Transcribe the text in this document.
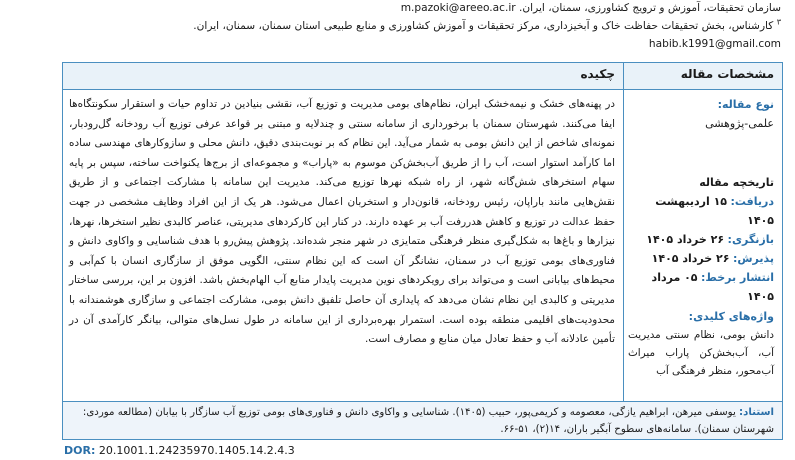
سازمان تحقیقات، آموزش و ترویج کشاورزی، سمنان، ایران. m.pazoki@areeo.ac.ir
$^۳$ کارشناس، بخش تحقیقات حفاظت خاک و آبخیزداری، مرکز تحقیقات و آموزش کشاورزی و منابع طبیعی استان سمنان، سمنان، ایران.
habib.k1991@gmail.com
مشخصات مقاله
چکیده
نوع مقاله:
علمی-پژوهشی
تاریخچه مقاله
دریافت: ۱۵ اردیبهشت ۱۴۰۵
بازنگری: ۲۶ خرداد ۱۴۰۵
پذیرش: ۲۶ خرداد ۱۴۰۵
انتشار برخط: ۰۵ مرداد ۱۴۰۵
واژه‌های کلیدی:
دانش بومی، نظام سنتی مدیریت آب، آب‌بخش‌کن پاراب میراث آب‌محور، منظر فرهنگی آب
در پهنه‌های خشک و نیمه‌خشک ایران، نظام‌های بومی مدیریت و توزیع آب، نقشی بنیادین در تداوم حیات و استقرار سکونتگاه‌ها ایفا می‌کنند. شهرستان سمنان با برخورداری از سامانه سنتی و چندلایه و مبتنی بر قواعد عرفی توزیع آب رودخانه گل‌رودبار، نمونه‌ای شاخص از این دانش بومی به شمار می‌آید. این نظام که بر نوبت‌بندی دقیق، دانش محلی و سازوکارهای مهندسی ساده اما کارآمد استوار است، آب را از طریق آب‌بخش‌کن موسوم به «پاراب» و مجموعه‌ای از برج‌ها یکنواخت ساخته، سپس بر پایه سهام استخرهای شش‌گانه شهر، از راه شبکه نهرها توزیع می‌کند. مدیریت این سامانه با مشارکت اجتماعی و از طریق نقش‌هایی مانند باراپان، رئیس رودخانه، قانون‌دار و استخربان اعمال می‌شود. هر یک از این افراد وظایف مشخصی در جهت حفظ عدالت در توزیع و کاهش هدررفت آب بر عهده دارند. در کنار این کارکردهای مدیریتی، عناصر کالبدی نظیر استخرها، نهرها، نیزارها و باغ‌ها به شکل‌گیری منظر فرهنگی متمایزی در شهر منجر شده‌اند. پژوهش پیش‌رو با هدف شناسایی و واکاوی دانش و فناوری‌های بومی توزیع آب در سمنان، نشانگر آن است که این نظام سنتی، الگویی موفق از سازگاری انسان با کم‌آبی و محیط‌های بیابانی است و می‌تواند برای رویکردهای نوین مدیریت پایدار منابع آب الهام‌بخش باشد. افزون بر این، بررسی ساختار مدیریتی و کالبدی این نظام نشان می‌دهد که پایداری آن حاصل تلفیق دانش بومی، مشارکت اجتماعی و سازگاری هوشمندانه با محدودیت‌های اقلیمی منطقه بوده است. استمرار بهره‌برداری از این سامانه در طول نسل‌های متوالی، بیانگر کارآمدی آن در تأمین عادلانه آب و حفظ تعادل میان منابع و مصارف است.
استناد: یوسفی میرهن، ابراهیم یازگی، معصومه و کریمی‌پور، حبیب (۱۴۰۵). شناسایی و واکاوی دانش و فناوری‌های بومی توزیع آب سازگار با بیابان (مطالعه موردی: شهرستان سمنان). سامانه‌های سطوح آبگیر باران، ۱۴(۲)، ۵۱-۶۶.
DOR: 20.1001.1.24235970.1405.14.2.4.3
